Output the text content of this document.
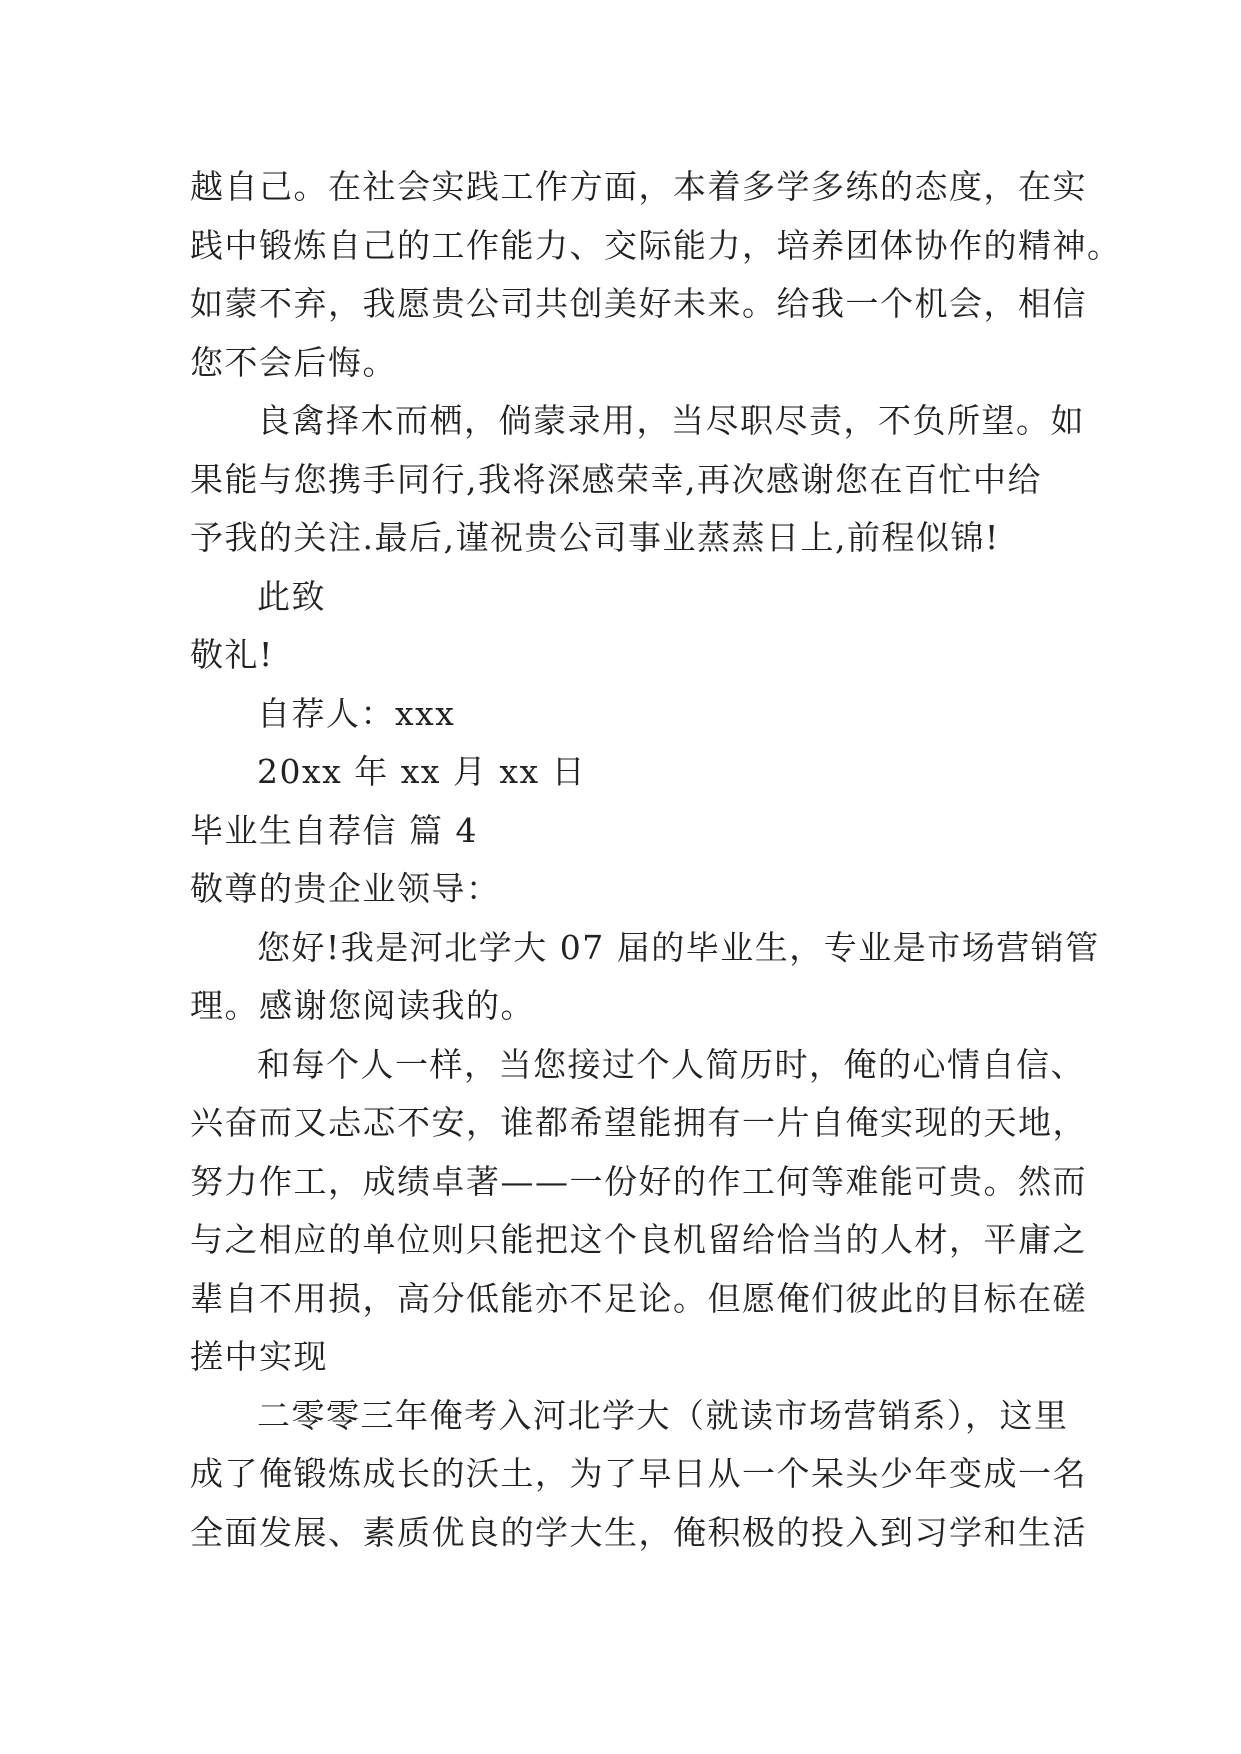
越自己。在社会实践工作方面，本着多学多练的态度，在实
践中锻炼自己的工作能力、交际能力，培养团体协作的精神。
如蒙不弃，我愿贵公司共创美好未来。给我一个机会，相信
您不会后悔。
良禽择木而栖，倘蒙录用，当尽职尽责，不负所望。如
果能与您携手同行,我将深感荣幸,再次感谢您在百忙中给
予我的关注.最后,谨祝贵公司事业蒸蒸日上,前程似锦!
此致
敬礼!
自荐人：xxx
20xx 年 xx 月 xx 日
毕业生自荐信 篇 4
敬尊的贵企业领导：
您好!我是河北学大 07 届的毕业生，专业是市场营销管
理。感谢您阅读我的。
和每个人一样，当您接过个人简历时，俺的心情自信、
兴奋而又忐忑不安，谁都希望能拥有一片自俺实现的天地，
努力作工，成绩卓著——一份好的作工何等难能可贵。然而
与之相应的单位则只能把这个良机留给恰当的人材，平庸之
辈自不用损，高分低能亦不足论。但愿俺们彼此的目标在磋
搓中实现
二零零三年俺考入河北学大（就读市场营销系），这里
成了俺锻炼成长的沃土，为了早日从一个呆头少年变成一名
全面发展、素质优良的学大生，俺积极的投入到习学和生活
